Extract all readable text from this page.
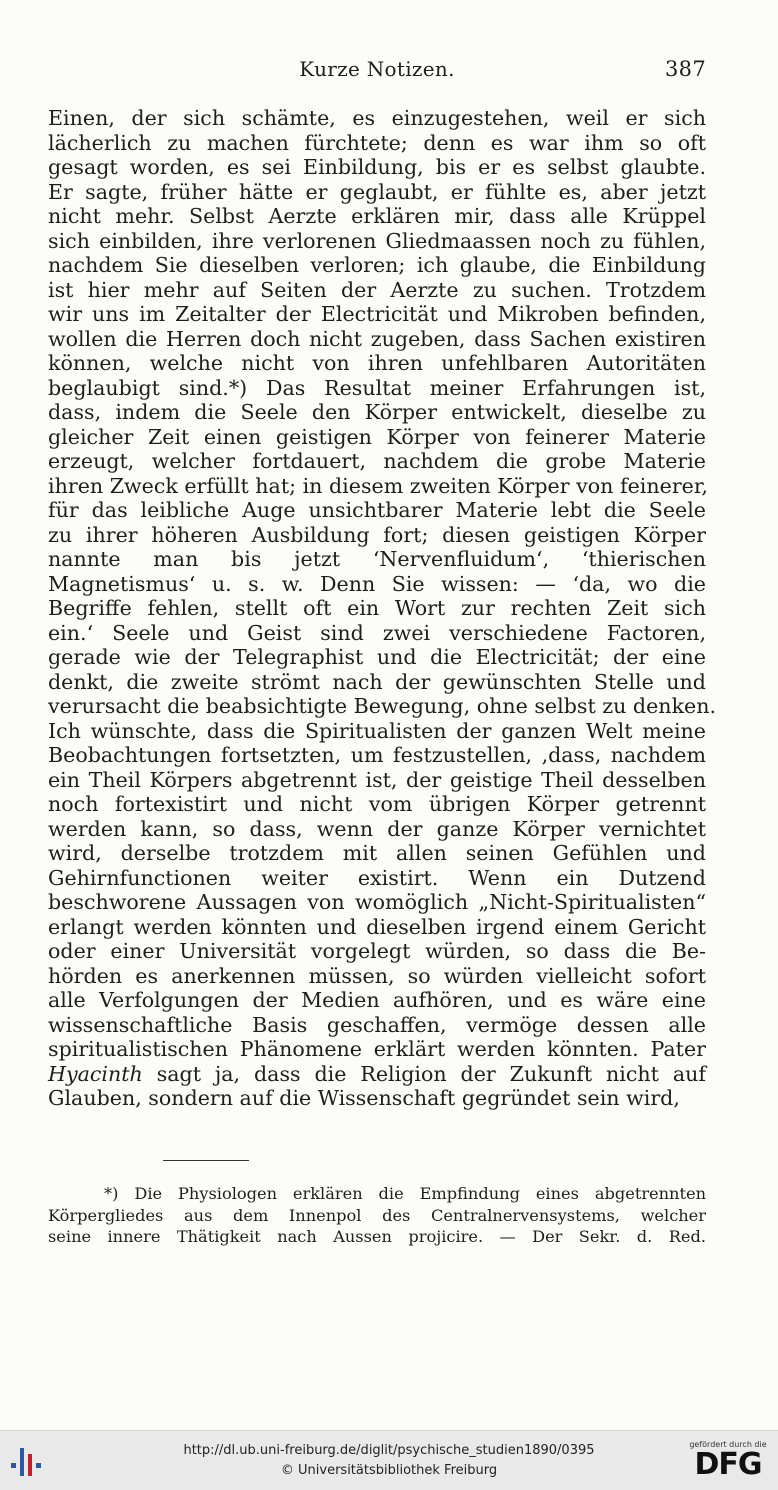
Kurze Notizen.	387
Einen, der sich schämte, es einzugestehen, weil er sich
lächerlich zu machen fürchtete; denn es war ihm so oft
gesagt worden, es sei Einbildung, bis er es selbst glaubte.
Er sagte, früher hätte er geglaubt, er fühlte es, aber jetzt
nicht mehr. Selbst Aerzte erklären mir, dass alle Krüppel
sich einbilden, ihre verlorenen Gliedmaassen noch zu fühlen,
nachdem Sie dieselben verloren; ich glaube, die Einbildung
ist hier mehr auf Seiten der Aerzte zu suchen. Trotzdem
wir uns im Zeitalter der Electricität und Mikroben befinden,
wollen die Herren doch nicht zugeben, dass Sachen existiren
können, welche nicht von ihren unfehlbaren Autoritäten
beglaubigt sind.*) Das Resultat meiner Erfahrungen ist,
dass, indem die Seele den Körper entwickelt, dieselbe zu
gleicher Zeit einen geistigen Körper von feinerer Materie
erzeugt, welcher fortdauert, nachdem die grobe Materie
ihren Zweck erfüllt hat; in diesem zweiten Körper von feinerer,
für das leibliche Auge unsichtbarer Materie lebt die Seele
zu ihrer höheren Ausbildung fort; diesen geistigen Körper
nannte man bis jetzt ‘Nervenfluidum‘, ‘thierischen
Magnetismus‘ u. s. w. Denn Sie wissen: — ‘da, wo die
Begriffe fehlen, stellt oft ein Wort zur rechten Zeit sich
ein.‘ Seele und Geist sind zwei verschiedene Factoren,
gerade wie der Telegraphist und die Electricität; der eine
denkt, die zweite strömt nach der gewünschten Stelle und
verursacht die beabsichtigte Bewegung, ohne selbst zu denken.
Ich wünschte, dass die Spiritualisten der ganzen Welt meine
Beobachtungen fortsetzten, um festzustellen, ‚dass, nachdem
ein Theil Körpers abgetrennt ist, der geistige Theil desselben
noch fortexistirt und nicht vom übrigen Körper getrennt
werden kann, so dass, wenn der ganze Körper vernichtet
wird, derselbe trotzdem mit allen seinen Gefühlen und
Gehirnfunctionen weiter existirt. Wenn ein Dutzend
beschworene Aussagen von womöglich „Nicht-Spiritualisten“
erlangt werden könnten und dieselben irgend einem Gericht
oder einer Universität vorgelegt würden, so dass die Be-
hörden es anerkennen müssen, so würden vielleicht sofort
alle Verfolgungen der Medien aufhören, und es wäre eine
wissenschaftliche Basis geschaffen, vermöge dessen alle
spiritualistischen Phänomene erklärt werden könnten. Pater
Hyacinth sagt ja, dass die Religion der Zukunft nicht auf
Glauben, sondern auf die Wissenschaft gegründet sein wird,
*) Die Physiologen erklären die Empfindung eines abgetrennten
Körpergliedes aus dem Innenpol des Centralnervensystems, welcher
seine innere Thätigkeit nach Aussen projicire. — Der Sekr. d. Red.
http://dl.ub.uni-freiburg.de/diglit/psychische_studien1890/0395
© Universitätsbibliothek Freiburg
gefördert durch die
DFG
